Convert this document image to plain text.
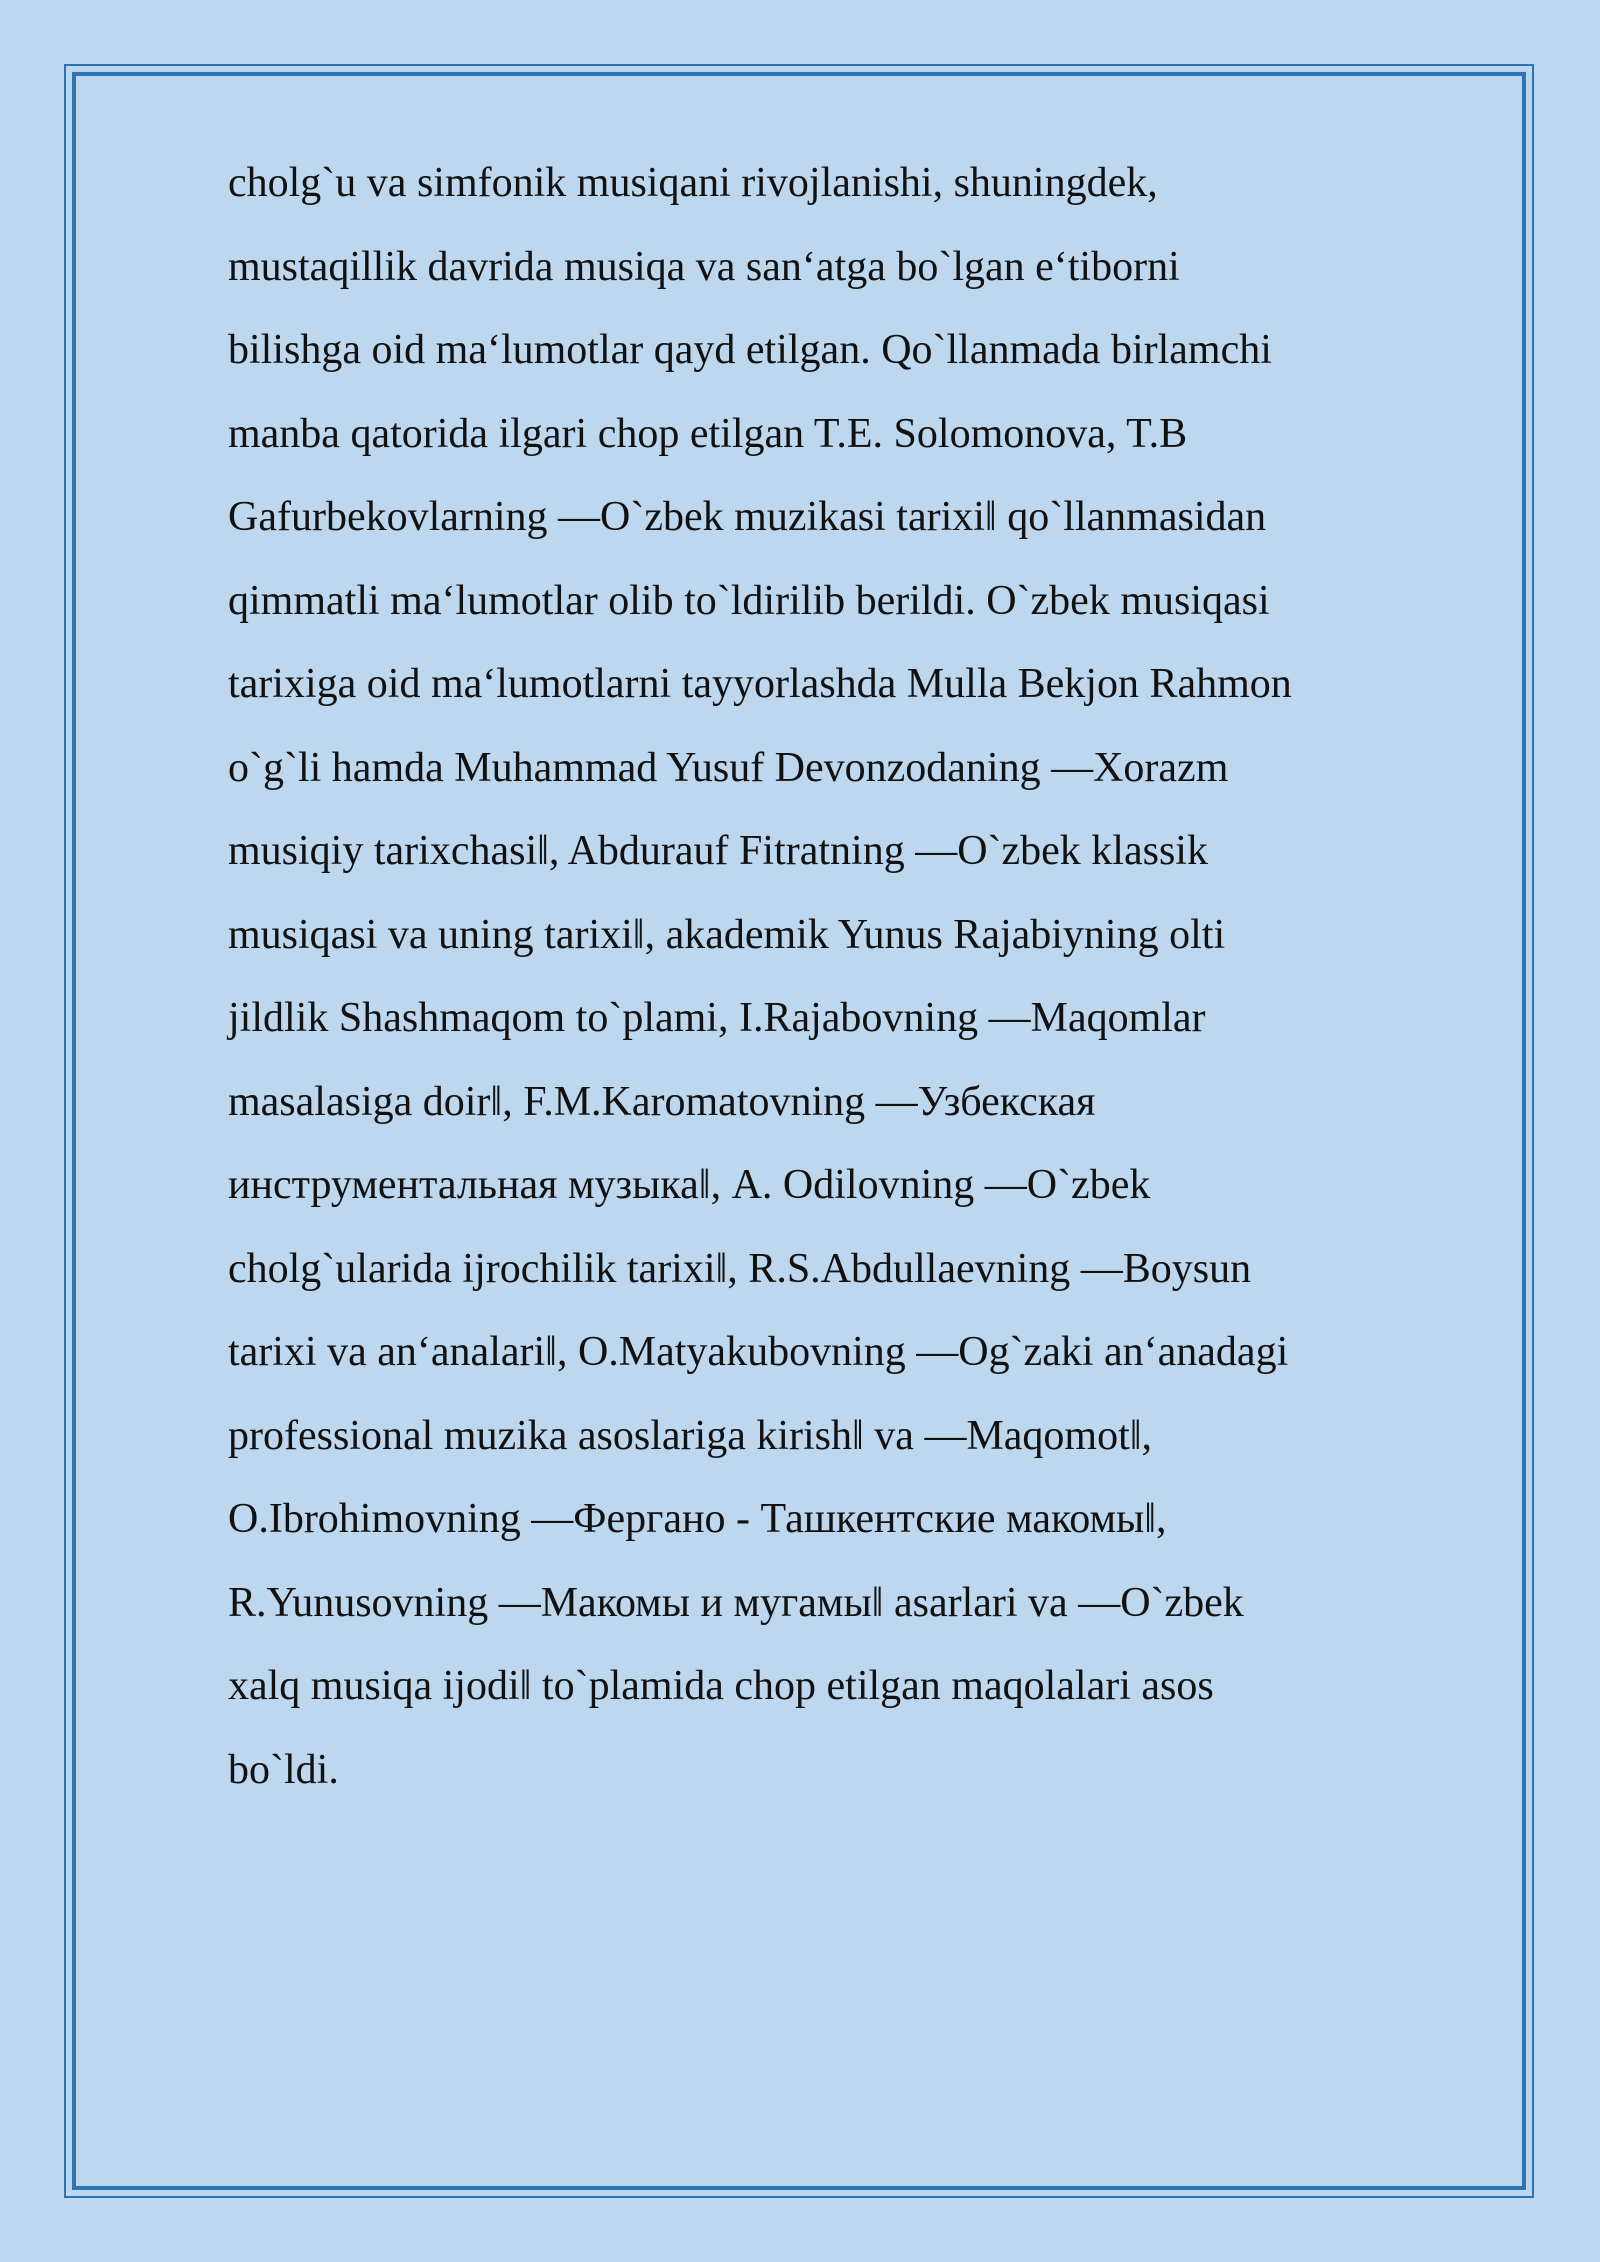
cholg`u va simfonik musiqani rivojlanishi, shuningdek,
mustaqillik davrida musiqa va san‘atga bo`lgan e‘tiborni
bilishga oid ma‘lumotlar qayd etilgan. Qo`llanmada birlamchi
manba qatorida ilgari chop etilgan T.E. Solomonova, T.B
Gafurbekovlarning ―O`zbek muzikasi tarixi‖ qo`llanmasidan
qimmatli ma‘lumotlar olib to`ldirilib berildi. O`zbek musiqasi
tarixiga oid ma‘lumotlarni tayyorlashda Mulla Bekjon Rahmon
o`g`li hamda Muhammad Yusuf Devonzodaning ―Xorazm
musiqiy tarixchasi‖, Abdurauf Fitratning ―O`zbek klassik
musiqasi va uning tarixi‖, akademik Yunus Rajabiyning olti
jildlik Shashmaqom to`plami, I.Rajabovning ―Maqomlar
masalasiga doir‖, F.M.Karomatovning ―Узбекская
инструментальная музыка‖, A. Odilovning ―O`zbek
cholg`ularida ijrochilik tarixi‖, R.S.Abdullaevning ―Boysun
tarixi va an‘analari‖, O.Matyakubovning ―Og`zaki an‘anadagi
professional muzika asoslariga kirish‖ va ―Maqomot‖,
O.Ibrohimovning ―Фергано - Ташкентские макомы‖,
R.Yunusovning ―Макомы и мугамы‖ asarlari va ―O`zbek
xalq musiqa ijodi‖ to`plamida chop etilgan maqolalari asos
bo`ldi.
